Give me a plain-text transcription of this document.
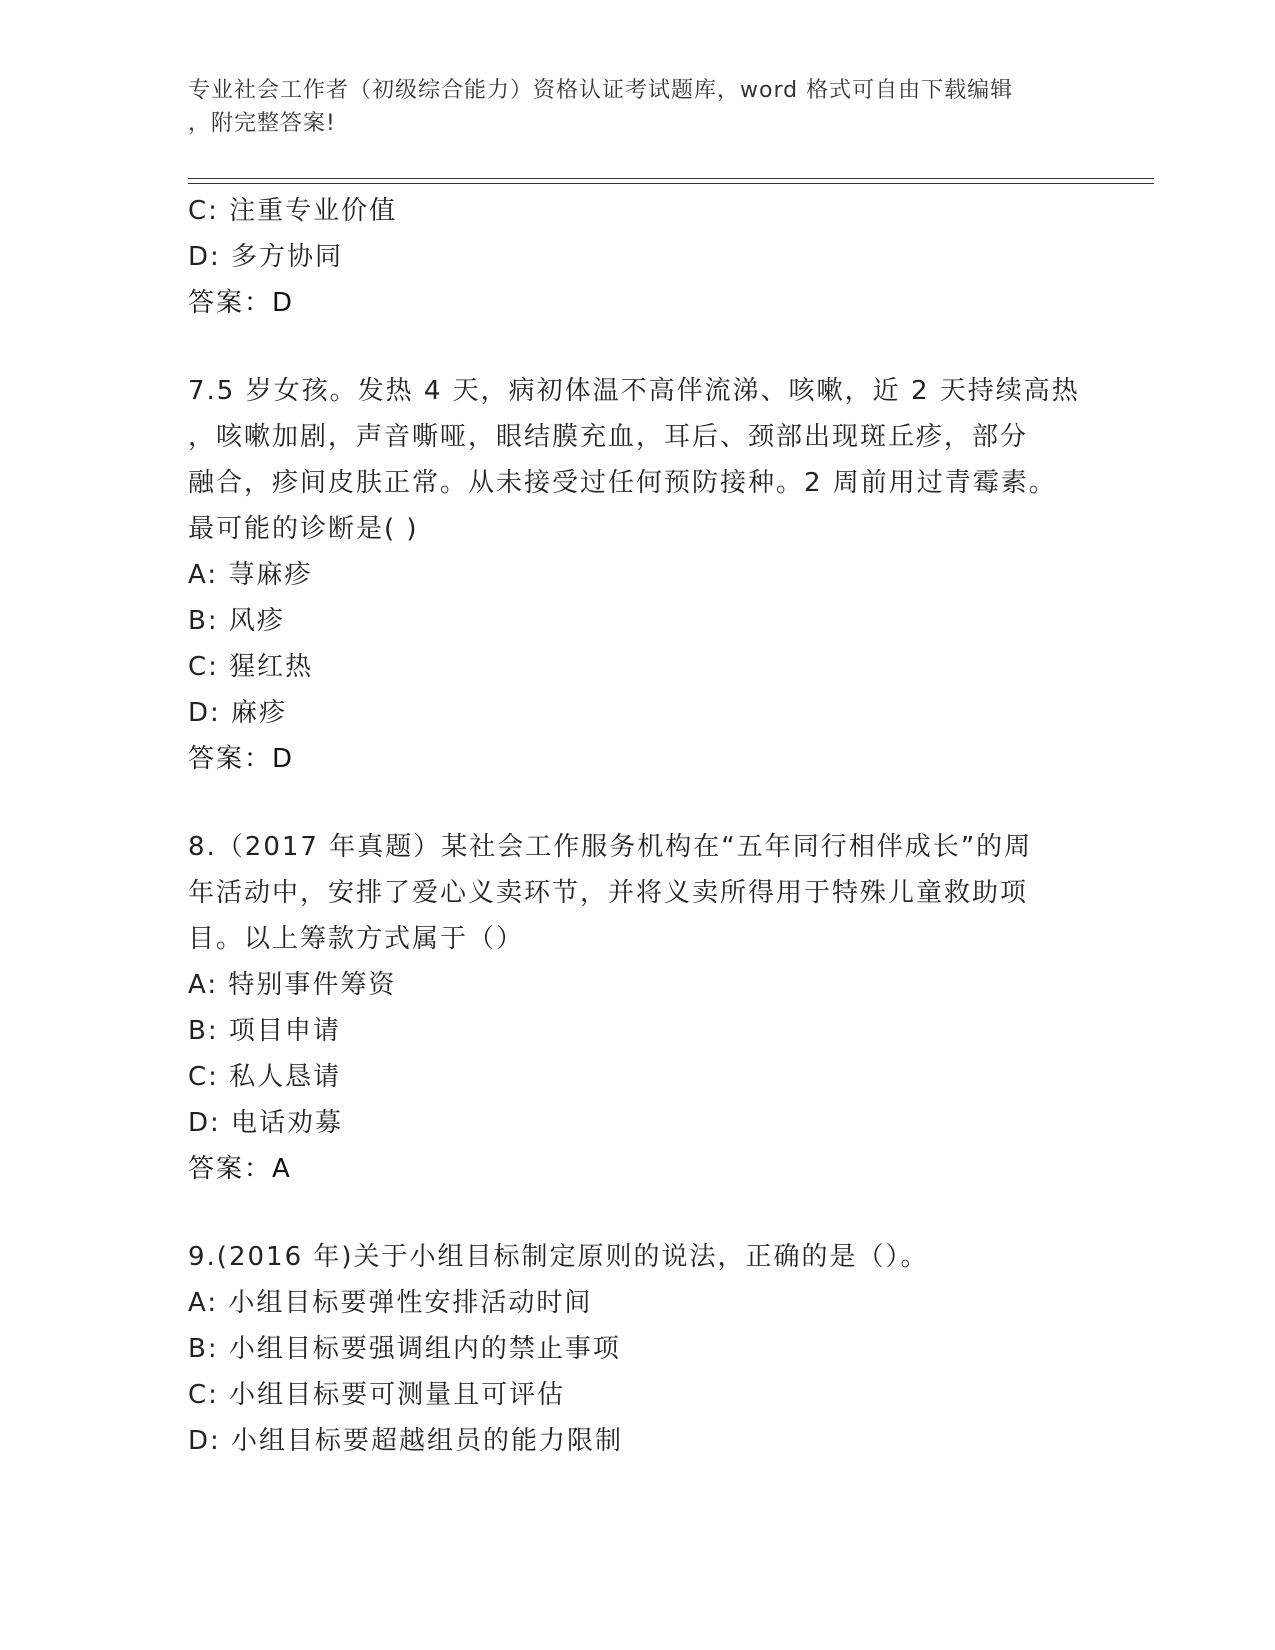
专业社会工作者（初级综合能力）资格认证考试题库，word 格式可自由下载编辑
，附完整答案!
C: 注重专业价值
D: 多方协同
答案：D
7.5 岁女孩。发热 4 天，病初体温不高伴流涕、咳嗽，近 2 天持续高热
，咳嗽加剧，声音嘶哑，眼结膜充血，耳后、颈部出现斑丘疹，部分
融合，疹间皮肤正常。从未接受过任何预防接种。2 周前用过青霉素。
最可能的诊断是( )
A: 荨麻疹
B: 风疹
C: 猩红热
D: 麻疹
答案：D
8.（2017 年真题）某社会工作服务机构在“五年同行相伴成长”的周
年活动中，安排了爱心义卖环节，并将义卖所得用于特殊儿童救助项
目。以上筹款方式属于（）
A: 特别事件筹资
B: 项目申请
C: 私人恳请
D: 电话劝募
答案：A
9.(2016 年)关于小组目标制定原则的说法，正确的是（）。
A: 小组目标要弹性安排活动时间
B: 小组目标要强调组内的禁止事项
C: 小组目标要可测量且可评估
D: 小组目标要超越组员的能力限制
